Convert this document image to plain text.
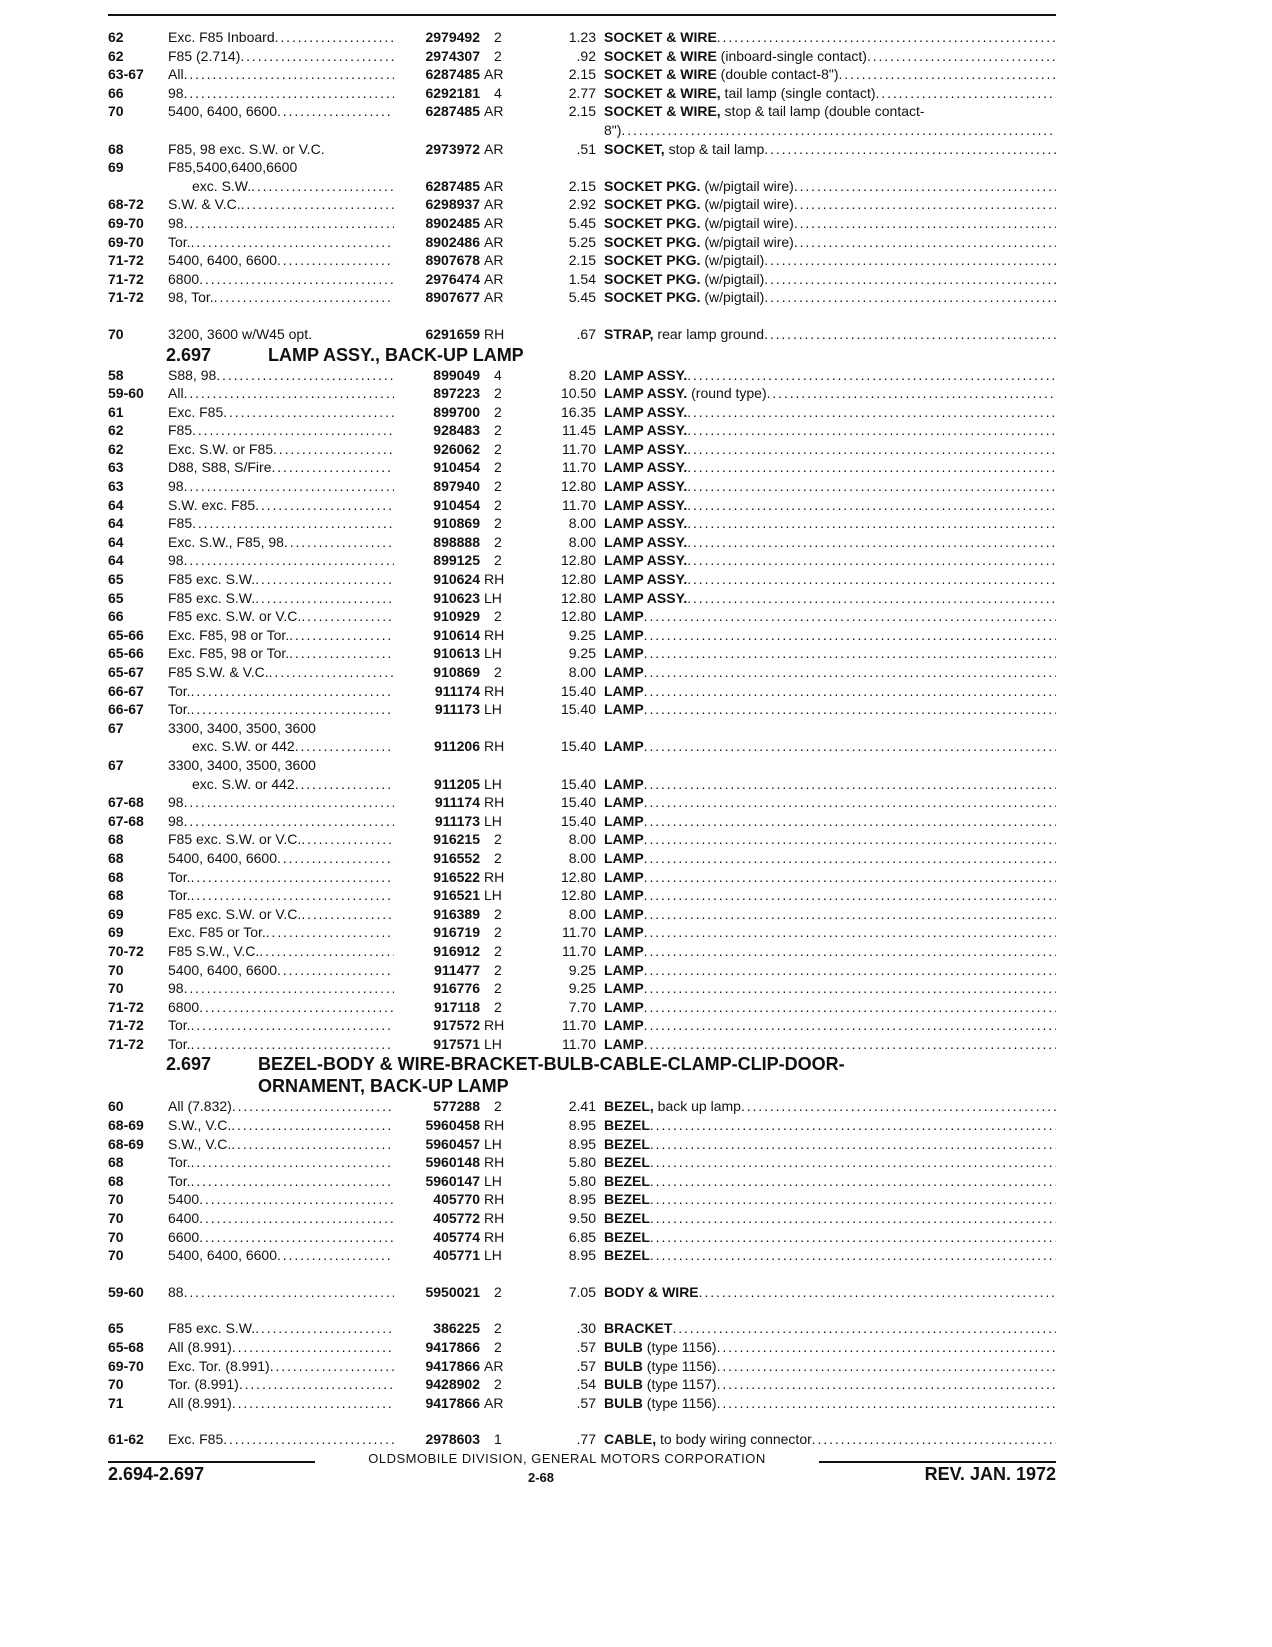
62	Exc. F85 Inboard . . .	2979492	2	1.23 SOCKET & WIRE
. . .
62	F85 (2.714) . . .	2974307	2	.92 SOCKET & WIRE (inboard-single contact)
. . .
63-67	All . . .	6287485 AR	2.15 SOCKET & WIRE (double contact-8")
. . .
66	98 . . .	6292181	4	2.77 SOCKET & WIRE, tail lamp (single contact)
. . .
70	5400, 6400, 6600 . . .	6287485 AR	2.15 SOCKET & WIRE, stop & tail lamp (double contact-
8")
. . .
68	F85, 98 exc. S.W. or V.C.	2973972 AR	.51 SOCKET, stop & tail lamp
. . .
69	F85,5400,6400,6600
exc. S.W. . . .	6287485 AR	2.15 SOCKET PKG. (w/pigtail wire)
. . .
68-72	S.W. & V.C. . . .	6298937 AR	2.92 SOCKET PKG. (w/pigtail wire)
. . .
69-70	98 . . .	8902485 AR	5.45 SOCKET PKG. (w/pigtail wire)
. . .
69-70	Tor. . . .	8902486 AR	5.25 SOCKET PKG. (w/pigtail wire)
. . .
71-72	5400, 6400, 6600 . . .	8907678 AR	2.15 SOCKET PKG. (w/pigtail)
. . .
71-72	6800 . . .	2976474 AR	1.54 SOCKET PKG. (w/pigtail)
. . .
71-72	98, Tor. . . .	8907677 AR	5.45 SOCKET PKG. (w/pigtail)
. . .
70	3200, 3600 w/W45 opt.	6291659 RH	.67 STRAP, rear lamp ground
. . .
2.697	LAMP ASSY., BACK-UP LAMP
58	S88, 98 . . .	899049	4	8.20 LAMP ASSY.
. . .
59-60	All . . .	897223	2	10.50 LAMP ASSY. (round type)
. . .
61	Exc. F85 . . .	899700	2	16.35 LAMP ASSY.
. . .
62	F85 . . .	928483	2	11.45 LAMP ASSY.
. . .
62	Exc. S.W. or F85 . . .	926062	2	11.70 LAMP ASSY.
. . .
63	D88, S88, S/Fire . . .	910454	2	11.70 LAMP ASSY.
. . .
63	98 . . .	897940	2	12.80 LAMP ASSY.
. . .
64	S.W. exc. F85 . . .	910454	2	11.70 LAMP ASSY.
. . .
64	F85 . . .	910869	2	8.00 LAMP ASSY.
. . .
64	Exc. S.W., F85, 98 . . .	898888	2	8.00 LAMP ASSY.
. . .
64	98 . . .	899125	2	12.80 LAMP ASSY.
. . .
65	F85 exc. S.W. . . .	910624 RH	12.80 LAMP ASSY.
. . .
65	F85 exc. S.W. . . .	910623 LH	12.80 LAMP ASSY.
. . .
66	F85 exc. S.W. or V.C. . . .	910929	2	12.80 LAMP
. . .
65-66	Exc. F85, 98 or Tor. . . .	910614 RH	9.25 LAMP
. . .
65-66	Exc. F85, 98 or Tor. . . .	910613 LH	9.25 LAMP
. . .
65-67	F85 S.W. & V.C. . . .	910869	2	8.00 LAMP
. . .
66-67	Tor. . . .	911174 RH	15.40 LAMP
. . .
66-67	Tor. . . .	911173 LH	15.40 LAMP
. . .
67	3300, 3400, 3500, 3600
exc. S.W. or 442 . . .	911206 RH	15.40 LAMP
. . .
67	3300, 3400, 3500, 3600
exc. S.W. or 442 . . .	911205 LH	15.40 LAMP
. . .
67-68	98 . . .	911174 RH	15.40 LAMP
. . .
67-68	98 . . .	911173 LH	15.40 LAMP
. . .
68	F85 exc. S.W. or V.C. . . .	916215	2	8.00 LAMP
. . .
68	5400, 6400, 6600 . . .	916552	2	8.00 LAMP
. . .
68	Tor. . . .	916522 RH	12.80 LAMP
. . .
68	Tor. . . .	916521 LH	12.80 LAMP
. . .
69	F85 exc. S.W. or V.C. . . .	916389	2	8.00 LAMP
. . .
69	Exc. F85 or Tor. . . .	916719	2	11.70 LAMP
. . .
70-72	F85 S.W., V.C. . . .	916912	2	11.70 LAMP
. . .
70	5400, 6400, 6600 . . .	911477	2	9.25 LAMP
. . .
70	98 . . .	916776	2	9.25 LAMP
. . .
71-72	6800 . . .	917118	2	7.70 LAMP
. . .
71-72	Tor. . . .	917572 RH	11.70 LAMP
. . .
71-72	Tor. . . .	917571 LH	11.70 LAMP
. . .
2.697	BEZEL-BODY & WIRE-BRACKET-BULB-CABLE-CLAMP-CLIP-DOOR-
ORNAMENT, BACK-UP LAMP
60	All (7.832) . . .	577288	2	2.41 BEZEL, back up lamp
. . .
68-69	S.W., V.C. . . .	5960458 RH	8.95 BEZEL
. . .
68-69	S.W., V.C. . . .	5960457 LH	8.95 BEZEL
. . .
68	Tor. . . .	5960148 RH	5.80 BEZEL
. . .
68	Tor. . . .	5960147 LH	5.80 BEZEL
. . .
70	5400 . . .	405770 RH	8.95 BEZEL
. . .
70	6400 . . .	405772 RH	9.50 BEZEL
. . .
70	6600 . . .	405774 RH	6.85 BEZEL
. . .
70	5400, 6400, 6600 . . .	405771 LH	8.95 BEZEL
. . .
59-60	88 . . .	5950021	2	7.05 BODY & WIRE
. . .
65	F85 exc. S.W. . . .	386225	2	.30 BRACKET
. . .
65-68	All (8.991) . . .	9417866	2	.57 BULB (type 1156)
. . .
69-70	Exc. Tor. (8.991) . . .	9417866 AR	.57 BULB (type 1156)
. . .
70	Tor. (8.991) . . .	9428902	2	.54 BULB (type 1157)
. . .
71	All (8.991) . . .	9417866 AR	.57 BULB (type 1156)
. . .
61-62	Exc. F85 . . .	2978603	1	.77 CABLE, to body wiring connector
. . .
OLDSMOBILE DIVISION, GENERAL MOTORS CORPORATION
2.694-2.697	2-68	REV. JAN. 1972
